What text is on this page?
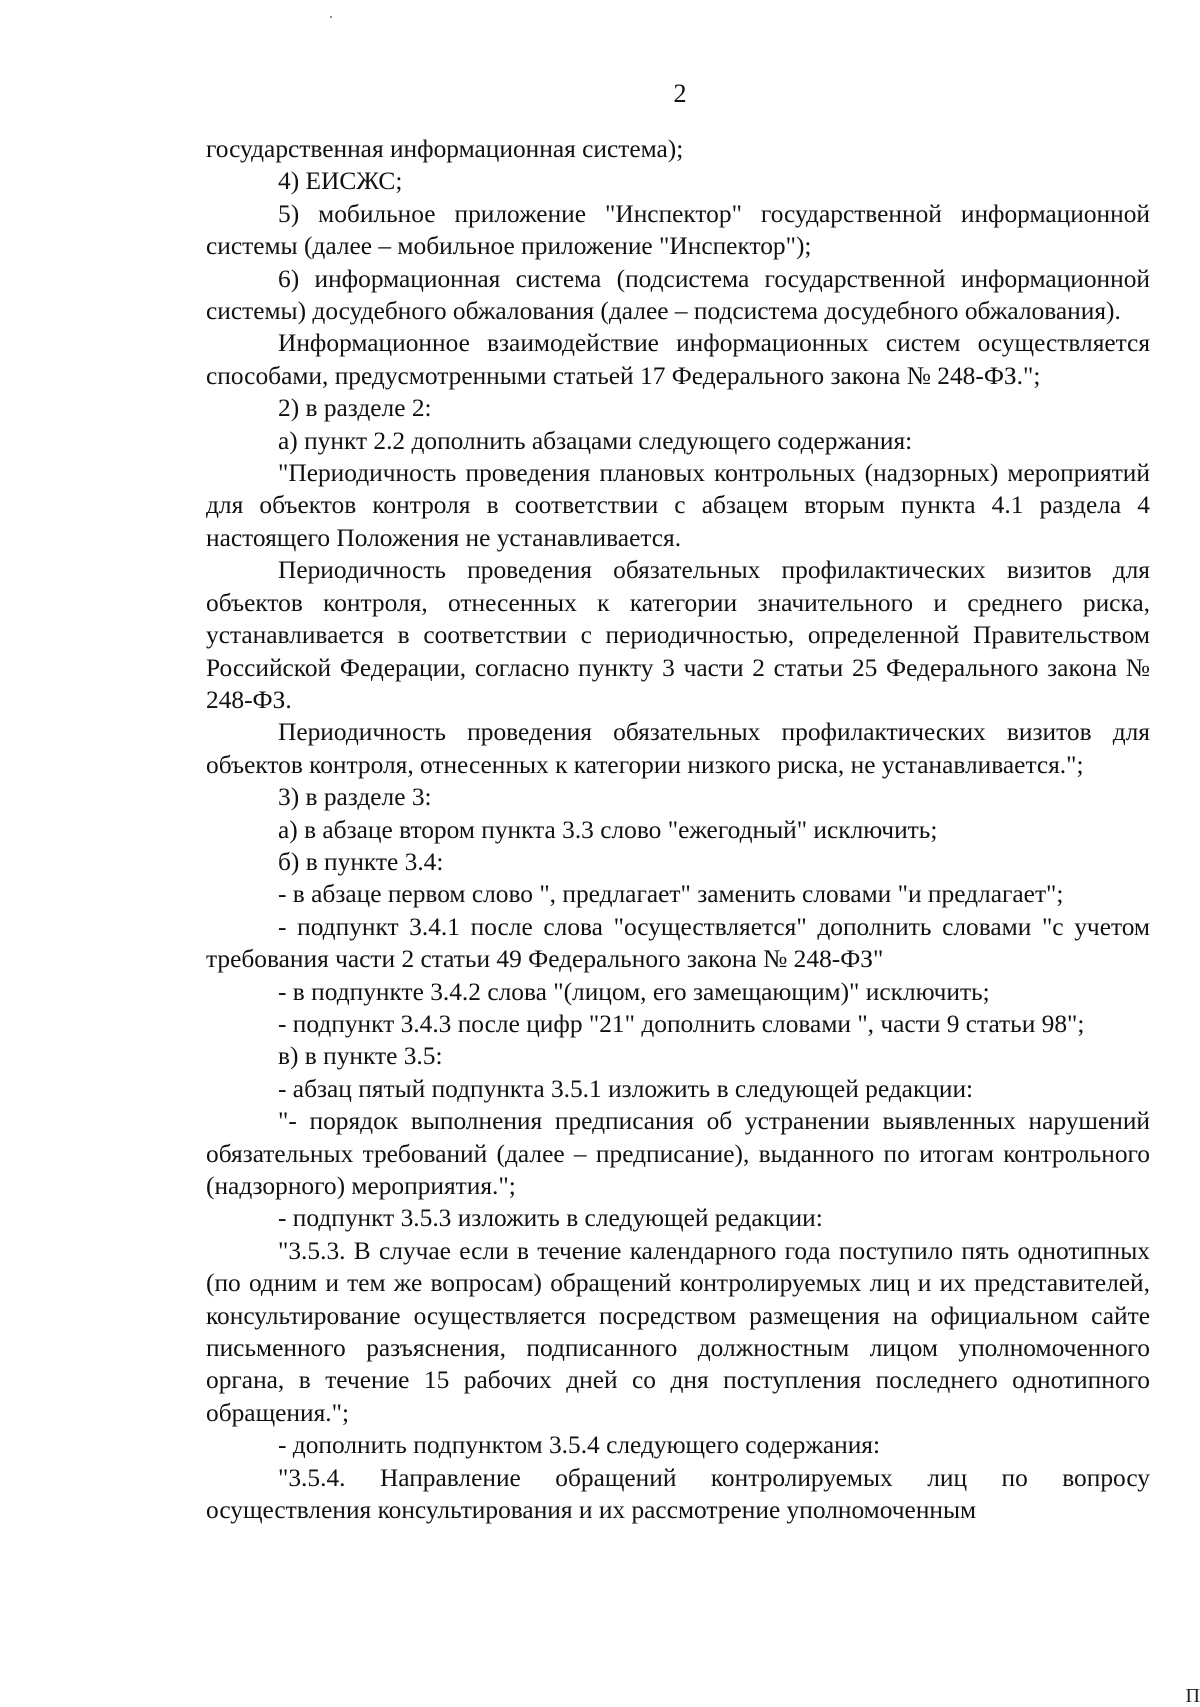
2

государственная информационная система);

4) ЕИСЖС;

5) мобильное приложение "Инспектор" государственной информационной системы (далее – мобильное приложение "Инспектор");

6) информационная система (подсистема государственной информационной системы) досудебного обжалования (далее – подсистема досудебного обжалования).

Информационное взаимодействие информационных систем осуществляется способами, предусмотренными статьей 17 Федерального закона № 248-ФЗ.";

2) в разделе 2:

а) пункт 2.2 дополнить абзацами следующего содержания:

"Периодичность проведения плановых контрольных (надзорных) мероприятий для объектов контроля в соответствии с абзацем вторым пункта 4.1 раздела 4 настоящего Положения не устанавливается.

Периодичность проведения обязательных профилактических визитов для объектов контроля, отнесенных к категории значительного и среднего риска, устанавливается в соответствии с периодичностью, определенной Правительством Российской Федерации, согласно пункту 3 части 2 статьи 25 Федерального закона № 248-ФЗ.

Периодичность проведения обязательных профилактических визитов для объектов контроля, отнесенных к категории низкого риска, не устанавливается.";

3) в разделе 3:

а) в абзаце втором пункта 3.3 слово "ежегодный" исключить;

б) в пункте 3.4:

- в абзаце первом слово ", предлагает" заменить словами "и предлагает";

- подпункт 3.4.1 после слова "осуществляется" дополнить словами "с учетом требования части 2 статьи 49 Федерального закона № 248-ФЗ"

- в подпункте 3.4.2 слова "(лицом, его замещающим)" исключить;

- подпункт 3.4.3 после цифр "21" дополнить словами ", части 9 статьи 98";

в) в пункте 3.5:

- абзац пятый подпункта 3.5.1 изложить в следующей редакции:

"- порядок выполнения предписания об устранении выявленных нарушений обязательных требований (далее – предписание), выданного по итогам контрольного (надзорного) мероприятия.";

- подпункт 3.5.3 изложить в следующей редакции:

"3.5.3. В случае если в течение календарного года поступило пять однотипных (по одним и тем же вопросам) обращений контролируемых лиц и их представителей, консультирование осуществляется посредством размещения на официальном сайте письменного разъяснения, подписанного должностным лицом уполномоченного органа, в течение 15 рабочих дней со дня поступления последнего однотипного обращения.";

- дополнить подпунктом 3.5.4 следующего содержания:

"3.5.4. Направление обращений контролируемых лиц по вопросу осуществления консультирования и их рассмотрение уполномоченным

П
